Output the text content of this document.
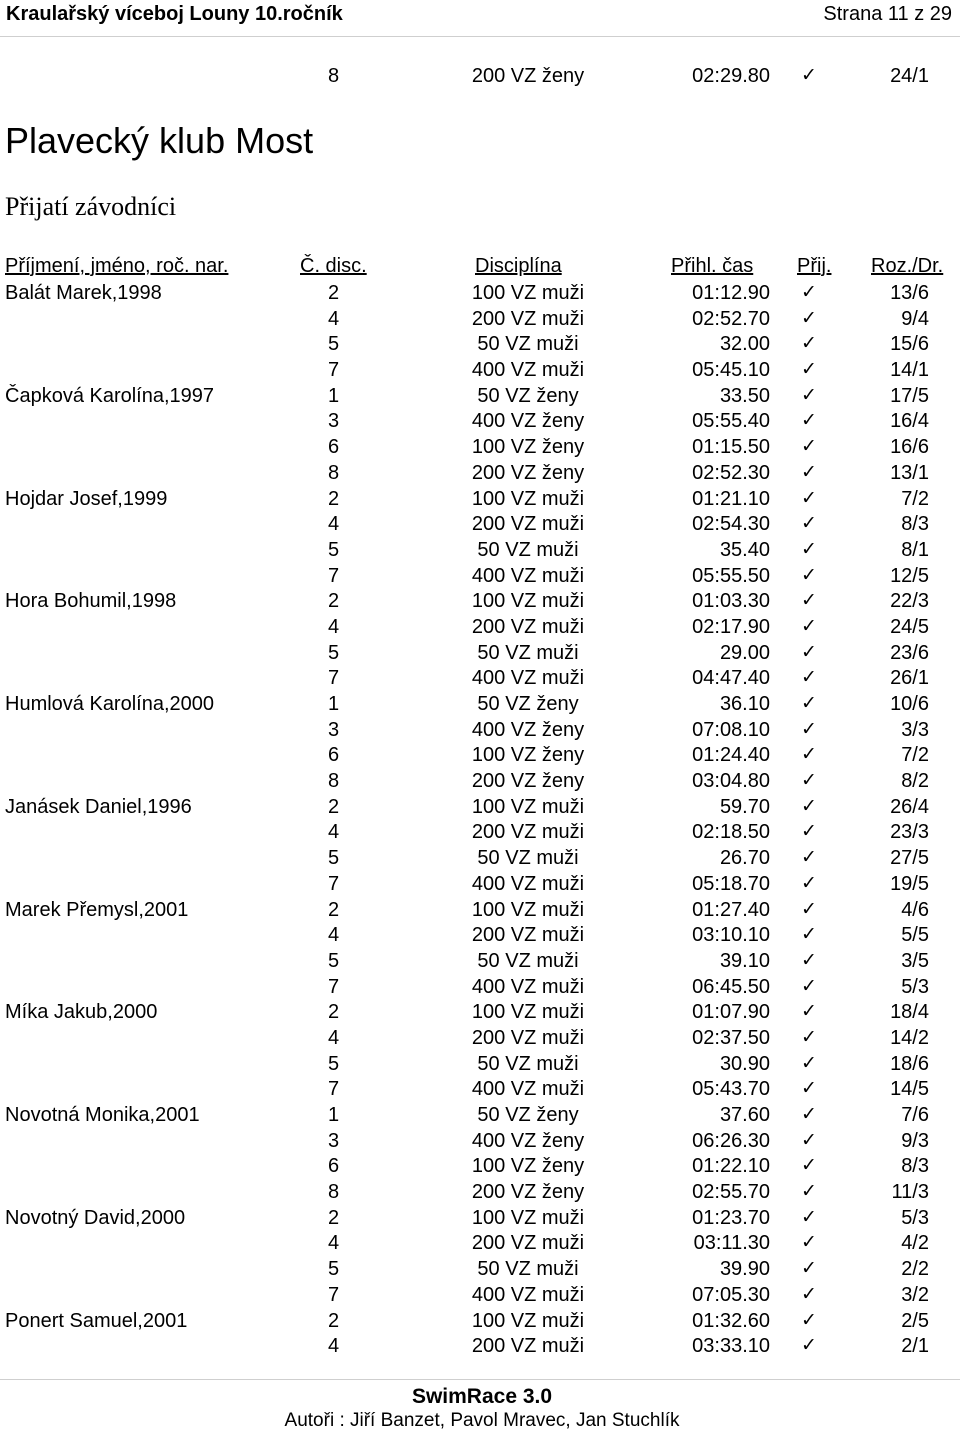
Kraulařský víceboj Louny 10.ročník	Strana 11 z 29
8	200 VZ ženy	02:29.80 ✓	24/1
Plavecký klub Most
Přijatí závodníci
Příjmení, jméno, roč. nar.	Č. disc.	Disciplína	Přihl. čas Přij. Roz./Dr.
Balát Marek,1998	2	100 VZ muži	01:12.90 ✓	13/6
4	200 VZ muži	02:52.70 ✓	9/4
5	50 VZ muži	32.00 ✓	15/6
7	400 VZ muži	05:45.10 ✓	14/1
Čapková Karolína,1997	1	50 VZ ženy	33.50 ✓	17/5
3	400 VZ ženy	05:55.40 ✓	16/4
6	100 VZ ženy	01:15.50 ✓	16/6
8	200 VZ ženy	02:52.30 ✓	13/1
Hojdar Josef,1999	2	100 VZ muži	01:21.10 ✓	7/2
4	200 VZ muži	02:54.30 ✓	8/3
5	50 VZ muži	35.40 ✓	8/1
7	400 VZ muži	05:55.50 ✓	12/5
Hora Bohumil,1998	2	100 VZ muži	01:03.30 ✓	22/3
4	200 VZ muži	02:17.90 ✓	24/5
5	50 VZ muži	29.00 ✓	23/6
7	400 VZ muži	04:47.40 ✓	26/1
Humlová Karolína,2000	1	50 VZ ženy	36.10 ✓	10/6
3	400 VZ ženy	07:08.10 ✓	3/3
6	100 VZ ženy	01:24.40 ✓	7/2
8	200 VZ ženy	03:04.80 ✓	8/2
Janásek Daniel,1996	2	100 VZ muži	59.70 ✓	26/4
4	200 VZ muži	02:18.50 ✓	23/3
5	50 VZ muži	26.70 ✓	27/5
7	400 VZ muži	05:18.70 ✓	19/5
Marek Přemysl,2001	2	100 VZ muži	01:27.40 ✓	4/6
4	200 VZ muži	03:10.10 ✓	5/5
5	50 VZ muži	39.10 ✓	3/5
7	400 VZ muži	06:45.50 ✓	5/3
Míka Jakub,2000	2	100 VZ muži	01:07.90 ✓	18/4
4	200 VZ muži	02:37.50 ✓	14/2
5	50 VZ muži	30.90 ✓	18/6
7	400 VZ muži	05:43.70 ✓	14/5
Novotná Monika,2001	1	50 VZ ženy	37.60 ✓	7/6
3	400 VZ ženy	06:26.30 ✓	9/3
6	100 VZ ženy	01:22.10 ✓	8/3
8	200 VZ ženy	02:55.70 ✓	11/3
Novotný David,2000	2	100 VZ muži	01:23.70 ✓	5/3
4	200 VZ muži	03:11.30 ✓	4/2
5	50 VZ muži	39.90 ✓	2/2
7	400 VZ muži	07:05.30 ✓	3/2
Ponert Samuel,2001	2	100 VZ muži	01:32.60 ✓	2/5
4	200 VZ muži	03:33.10 ✓	2/1
SwimRace 3.0
Autoři : Jiří Banzet, Pavol Mravec, Jan Stuchlík
